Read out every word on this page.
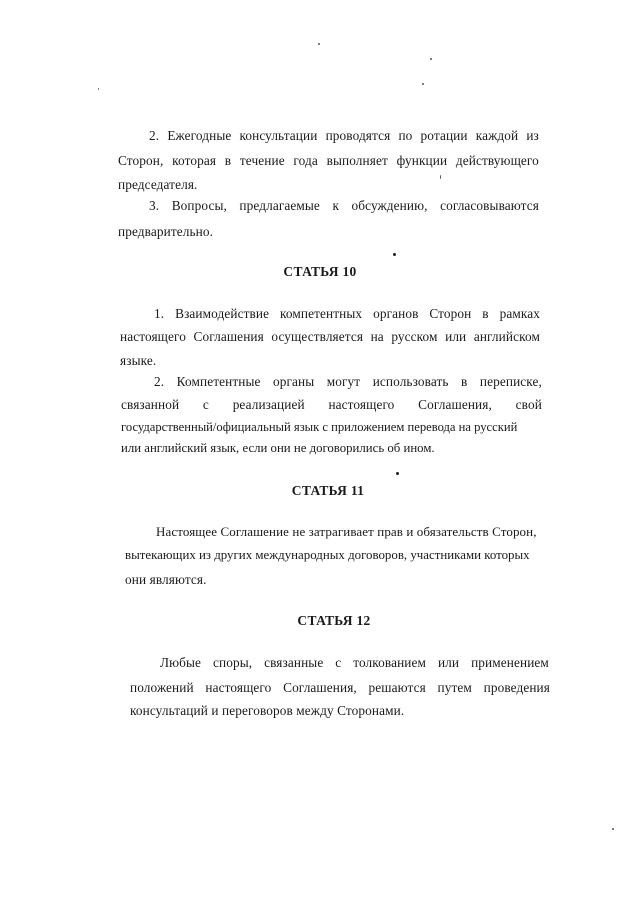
2. Ежегодные консультации проводятся по ротации каждой из
Сторон, которая в течение года выполняет функции действующего
председателя.
3. Вопросы, предлагаемые к обсуждению, согласовываются
предварительно.
СТАТЬЯ 10
1. Взаимодействие компетентных органов Сторон в рамках
настоящего Соглашения осуществляется на русском или английском
языке.
2. Компетентные органы могут использовать в переписке,
связанной с реализацией настоящего Соглашения, свой
государственный/официальный язык с приложением перевода на русский
или английский язык, если они не договорились об ином.
СТАТЬЯ 11
Настоящее Соглашение не затрагивает прав и обязательств Сторон,
вытекающих из других международных договоров, участниками которых
они являются.
СТАТЬЯ 12
Любые споры, связанные с толкованием или применением
положений настоящего Соглашения, решаются путем проведения
консультаций и переговоров между Сторонами.
